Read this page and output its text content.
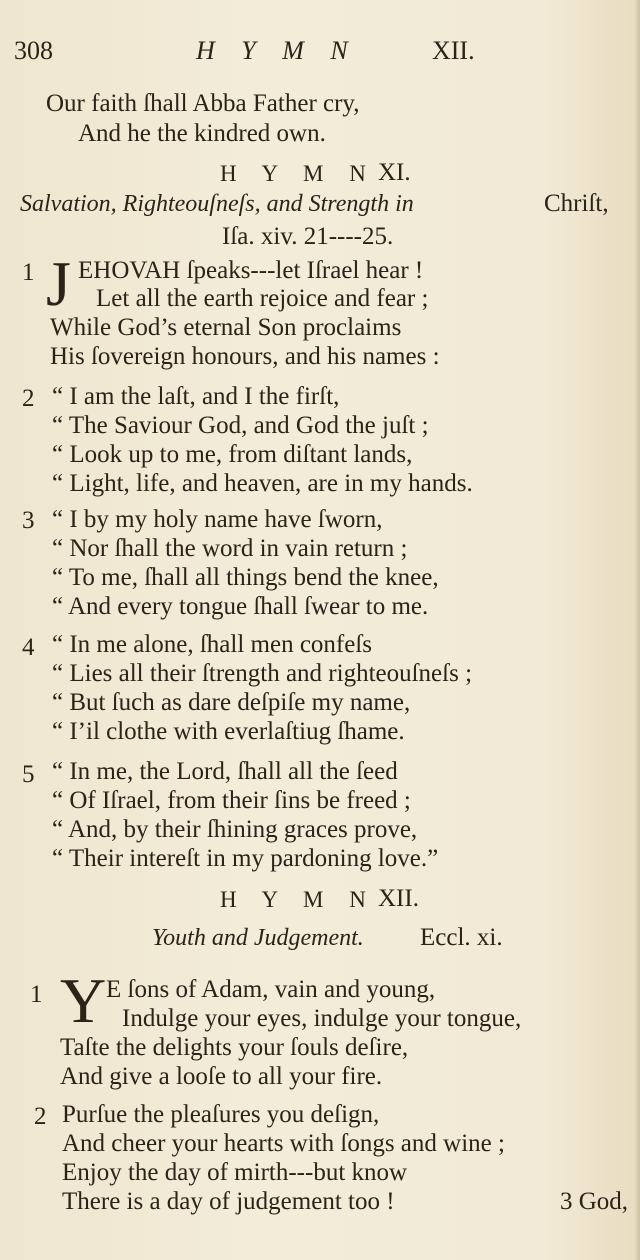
308	H Y M N	XII.
Our faith ſhall Abba Father cry,
And he the kindred own.
H Y M N XI.
Salvation, Righteouſneſs, and Strength in	Chriſt,
Iſa. xiv. 21----25.
1 J EHOVAH ſpeaks---let Iſrael hear !
Let all the earth rejoice and fear ;
While God’s eternal Son proclaims
His ſovereign honours, and his names :
2 “ I am the laſt, and I the firſt,
“ The Saviour God, and God the juſt ;
“ Look up to me, from diſtant lands,
“ Light, life, and heaven, are in my hands.
3 “ I by my holy name have ſworn,
“ Nor ſhall the word in vain return ;
“ To me, ſhall all things bend the knee,
“ And every tongue ſhall ſwear to me.
4 “ In me alone, ſhall men confeſs
“ Lies all their ſtrength and righteouſneſs ;
“ But ſuch as dare deſpiſe my name,
“ I’il clothe with everlaſtiug ſhame.
5 “ In me, the Lord, ſhall all the ſeed
“ Of Iſrael, from their ſins be freed ;
“ And, by their ſhining graces prove,
“ Their intereſt in my pardoning love.”
H Y M N XII.
Youth and Judgement. Eccl. xi.
1 Y E ſons of Adam, vain and young,
Indulge your eyes, indulge your tongue,
Taſte the delights your ſouls deſire,
And give a looſe to all your fire.
2 Purſue the pleaſures you deſign,
And cheer your hearts with ſongs and wine ;
Enjoy the day of mirth---but know
There is a day of judgement too !	3 God,
